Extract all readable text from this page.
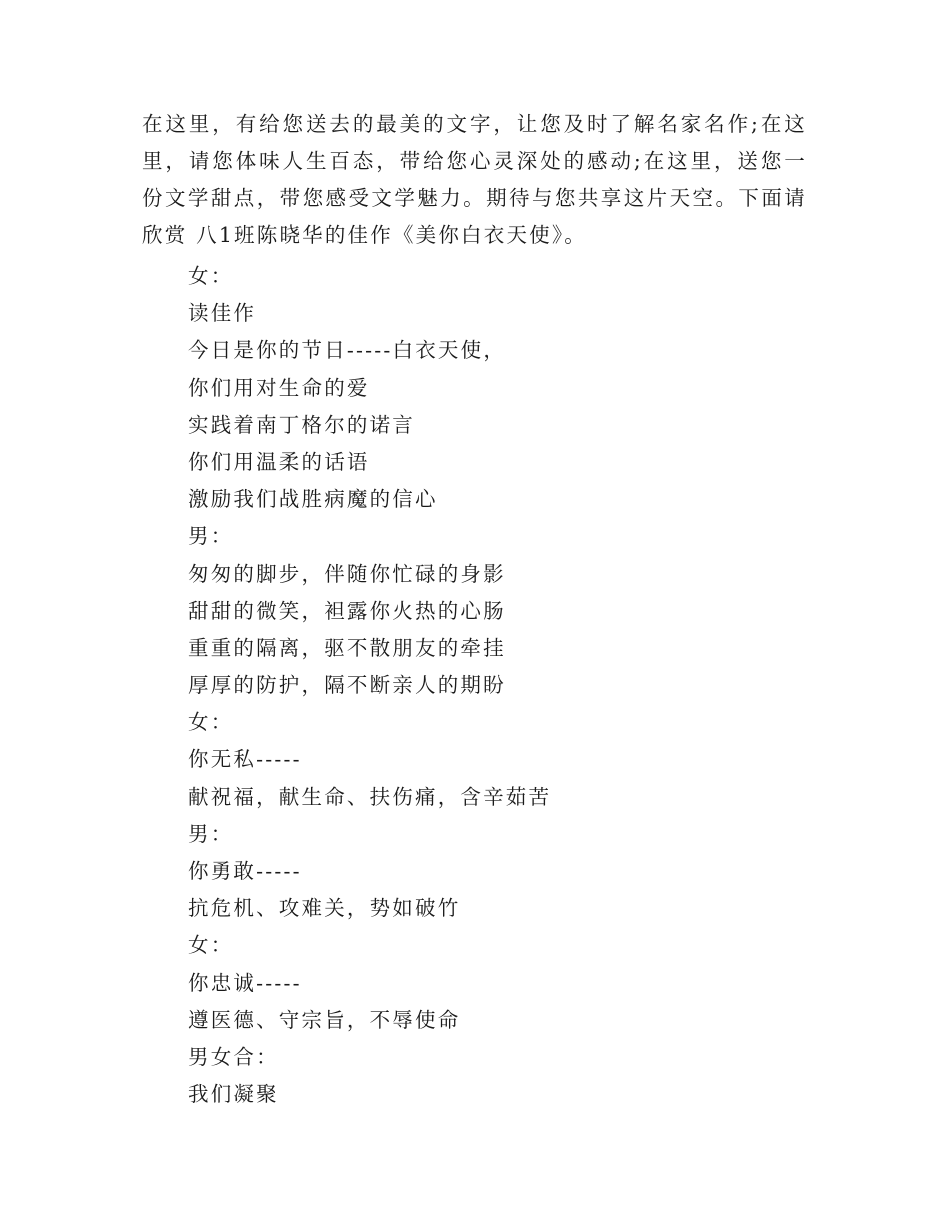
在这里，有给您送去的最美的文字，让您及时了解名家名作;在这里，请您体味人生百态，带给您心灵深处的感动;在这里，送您一份文学甜点，带您感受文学魅力。期待与您共享这片天空。下面请欣赏 八1班陈晓华的佳作《美你白衣天使》。

女：
读佳作
今日是你的节日-----白衣天使，
你们用对生命的爱
实践着南丁格尔的诺言
你们用温柔的话语
激励我们战胜病魔的信心
男：
匆匆的脚步，伴随你忙碌的身影
甜甜的微笑，袒露你火热的心肠
重重的隔离，驱不散朋友的牵挂
厚厚的防护，隔不断亲人的期盼
女：
你无私-----
献祝福，献生命、扶伤痛，含辛茹苦
男：
你勇敢-----
抗危机、攻难关，势如破竹
女：
你忠诚-----
遵医德、守宗旨，不辱使命
男女合：
我们凝聚
